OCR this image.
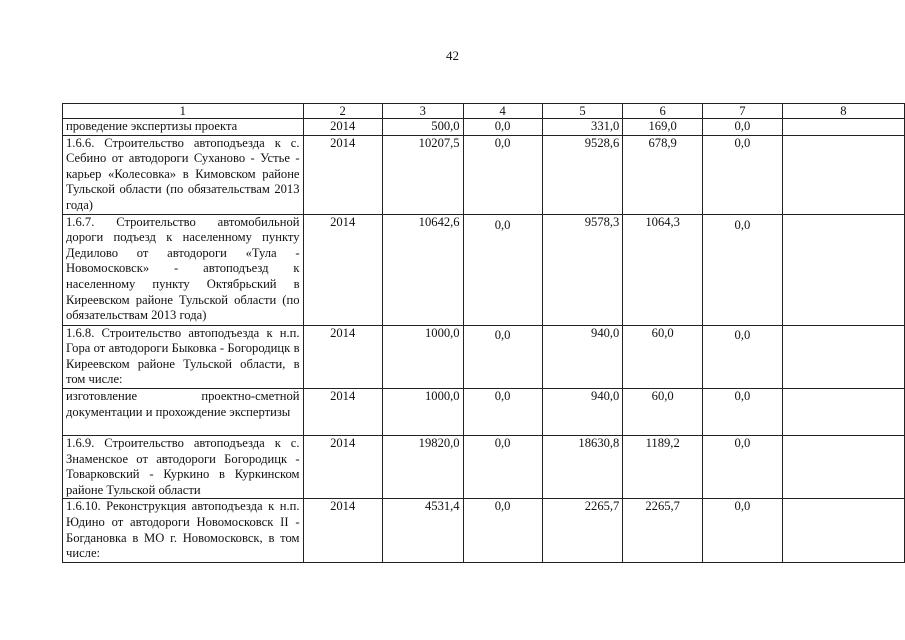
42
1	2	3	4	5	6	7	8
проведение экспертизы проекта	2014	500,0	0,0	331,0	169,0	0,0	
1.6.6. Строительство автоподъезда к с. Себино от автодороги Суханово - Устье - карьер «Колесовка» в Кимовском районе Тульской области (по обязательствам 2013 года)	2014	10207,5	0,0	9528,6	678,9	0,0	
1.6.7. Строительство автомобильной дороги подъезд к населенному пункту Дедилово от автодороги «Тула - Новомосковск» - автоподъезд к населенному пункту Октябрьский в Киреевском районе Тульской области (по обязательствам 2013 года)	2014	10642,6	0,0	9578,3	1064,3	0,0	
1.6.8. Строительство автоподъезда к н.п. Гора от автодороги Быковка - Богородицк в Киреевском районе Тульской области, в том числе:	2014	1000,0	0,0	940,0	60,0	0,0	
изготовление проектно-сметной документации и прохождение экспертизы	2014	1000,0	0,0	940,0	60,0	0,0	
1.6.9. Строительство автоподъезда к с. Знаменское от автодороги Богородицк - Товарковский - Куркино в Куркинском районе Тульской области	2014	19820,0	0,0	18630,8	1189,2	0,0	
1.6.10. Реконструкция автоподъезда к н.п. Юдино от автодороги Новомосковск II - Богдановка в МО г. Новомосковск, в том числе:	2014	4531,4	0,0	2265,7	2265,7	0,0	
